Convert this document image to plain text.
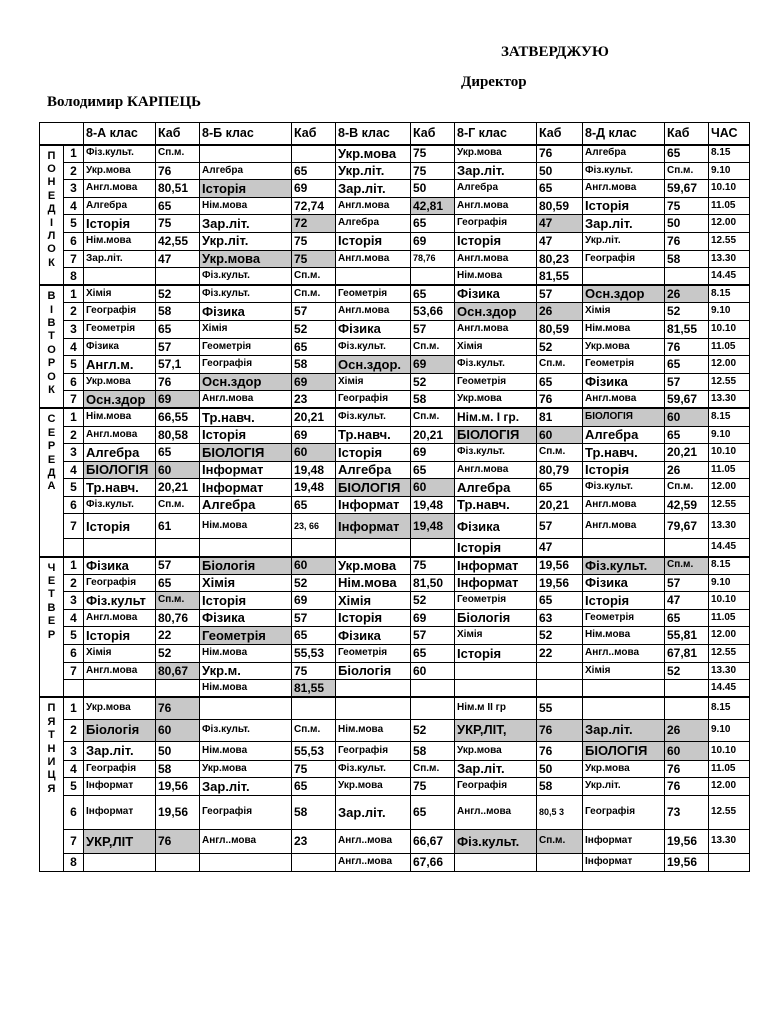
ЗАТВЕРДЖУЮ
Директор
Володимир КАРПЕЦЬ
		8-А клас	Каб	8-Б клас	Каб	8-В клас	Каб	8-Г клас	Каб	8-Д клас	Каб	ЧАС
ПОНЕДІЛОК	1	Фіз.культ.	Сп.м.			Укр.мова	75	Укр.мова	76	Алгебра	65	8.15
	2	Укр.мова	76	Алгебра	65	Укр.літ.	75	Зар.літ.	50	Фіз.культ.	Сп.м.	9.10
	3	Англ.мова	80,51	Історія	69	Зар.літ.	50	Алгебра	65	Англ.мова	59,67	10.10
	4	Алгебра	65	Нім.мова	72,74	Англ.мова	42,81	Англ.мова	80,59	Історія	75	11.05
	5	Історія	75	Зар.літ.	72	Алгебра	65	Географія	47	Зар.літ.	50	12.00
	6	Нім.мова	42,55	Укр.літ.	75	Історія	69	Історія	47	Укр.літ.	76	12.55
	7	Зар.літ.	47	Укр.мова	75	Англ.мова	78,76	Англ.мова	80,23	Географія	58	13.30
	8			Фіз.культ.	Сп.м.			Нім.мова	81,55			14.45
ВІВТОРОК	1	Хімія	52	Фіз.культ.	Сп.м.	Геометрія	65	Фізика	57	Осн.здор	26	8.15
	2	Географія	58	Фізика	57	Англ.мова	53,66	Осн.здор	26	Хімія	52	9.10
	3	Геометрія	65	Хімія	52	Фізика	57	Англ.мова	80,59	Нім.мова	81,55	10.10
	4	Фізика	57	Геометрія	65	Фіз.культ.	Сп.м.	Хімія	52	Укр.мова	76	11.05
	5	Англ.м.	57,1	Географія	58	Осн.здор.	69	Фіз.культ.	Сп.м.	Геометрія	65	12.00
	6	Укр.мова	76	Осн.здор	69	Хімія	52	Геометрія	65	Фізика	57	12.55
	7	Осн.здор	69	Англ.мова	23	Географія	58	Укр.мова	76	Англ.мова	59,67	13.30
СЕРЕДА	1	Нім.мова	66,55	Тр.навч.	20,21	Фіз.культ.	Сп.м.	Нім.м. І гр.	81	БІОЛОГІЯ	60	8.15
	2	Англ.мова	80,58	Історія	69	Тр.навч.	20,21	БІОЛОГІЯ	60	Алгебра	65	9.10
	3	Алгебра	65	БІОЛОГІЯ	60	Історія	69	Фіз.культ.	Сп.м.	Тр.навч.	20,21	10.10
	4	БІОЛОГІЯ	60	Інформат	19,48	Алгебра	65	Англ.мова	80,79	Історія	26	11.05
	5	Тр.навч.	20,21	Інформат	19,48	БІОЛОГІЯ	60	Алгебра	65	Фіз.культ.	Сп.м.	12.00
	6	Фіз.культ.	Сп.м.	Алгебра	65	Інформат	19,48	Тр.навч.	20,21	Англ.мова	42,59	12.55
	7	Історія	61	Нім.мова	23, 66	Інформат	19,48	Фізика	57	Англ.мова	79,67	13.30
								Історія	47			14.45
ЧЕТВЕР	1	Фізика	57	Біологія	60	Укр.мова	75	Інформат	19,56	Фіз.культ.	Сп.м.	8.15
	2	Географія	65	Хімія	52	Нім.мова	81,50	Інформат	19,56	Фізика	57	9.10
	3	Фіз.культ	Сп.м.	Історія	69	Хімія	52	Геометрія	65	Історія	47	10.10
	4	Англ.мова	80,76	Фізика	57	Історія	69	Біологія	63	Геометрія	65	11.05
	5	Історія	22	Геометрія	65	Фізика	57	Хімія	52	Нім.мова	55,81	12.00
	6	Хімія	52	Нім.мова	55,53	Геометрія	65	Історія	22	Англ..мова	67,81	12.55
	7	Англ.мова	80,67	Укр.м.	75	Біологія	60			Хімія	52	13.30
				Нім.мова	81,55							14.45
ПЯТНИЦЯ	1	Укр.мова	76					Нім.м ІІ гр	55			8.15
	2	Біологія	60	Фіз.культ.	Сп.м.	Нім.мова	52	УКР,ЛІТ,	76	Зар.літ.	26	9.10
	3	Зар.літ.	50	Нім.мова	55,53	Географія	58	Укр.мова	76	БІОЛОГІЯ	60	10.10
	4	Географія	58	Укр.мова	75	Фіз.культ.	Сп.м.	Зар.літ.	50	Укр.мова	76	11.05
	5	Інформат	19,56	Зар.літ.	65	Укр.мова	75	Географія	58	Укр.літ.	76	12.00
	6	Інформат	19,56	Географія	58	Зар.літ.	65	Англ..мова	80,5 3	Географія	73	12.55
	7	УКР,ЛІТ	76	Англ..мова	23	Англ..мова	66,67	Фіз.культ.	Сп.м.	Інформат	19,56	13.30
	8					Англ..мова	67,66			Інформат	19,56	
